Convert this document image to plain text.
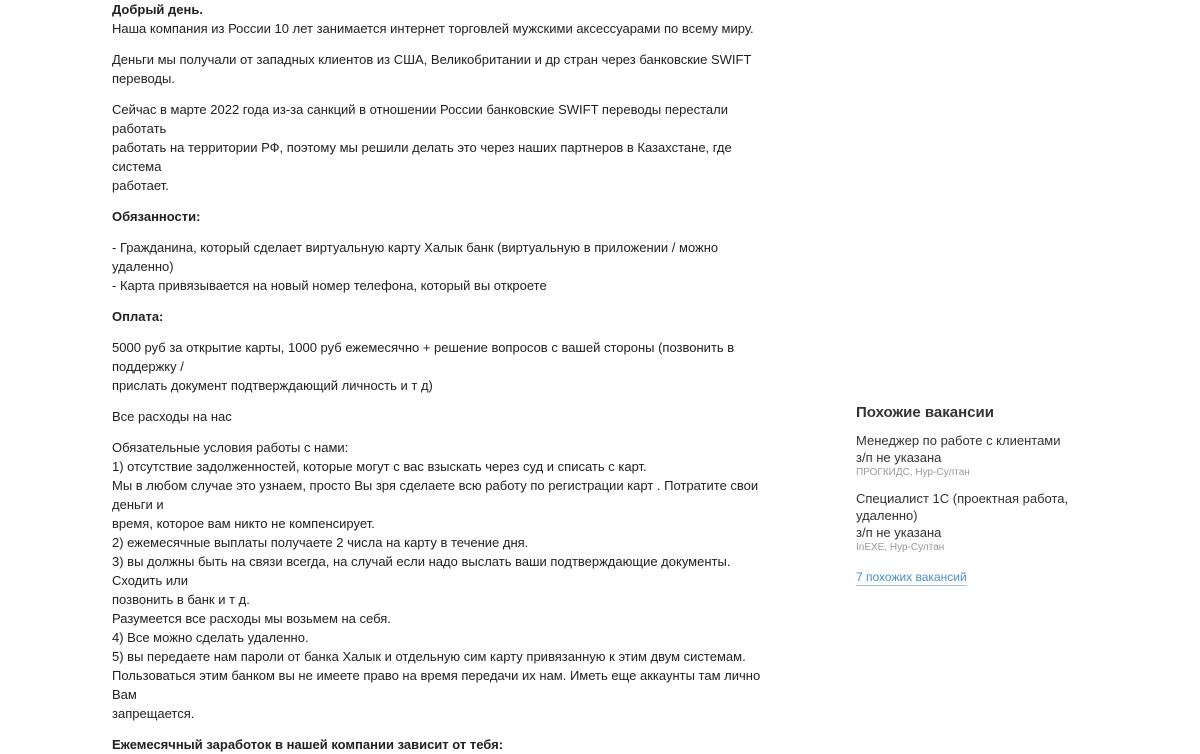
Добрый день.

Наша компания из России 10 лет занимается интернет торговлей мужскими аксессуарами по всему миру.

Деньги мы получали от западных клиентов из США, Великобритании и др стран через банковские SWIFT переводы.

Сейчас в марте 2022 года из-за санкций в отношении России банковские SWIFT переводы перестали работать

работать на территории РФ, поэтому мы решили делать это через наших партнеров в Казахстане, где система

работает.

Обязанности:

- Гражданина, который сделает виртуальную карту Халык банк (виртуальную в приложении / можно удаленно)

- Карта привязывается на новый номер телефона, который вы откроете

Оплата:

5000 руб за открытие карты, 1000 руб ежемесячно + решение вопросов с вашей стороны (позвонить в поддержку /

прислать документ подтверждающий личность и т д)

Все расходы на нас

Обязательные условия работы с нами:

1) отсутствие задолженностей, которые могут с вас взыскать через суд и списать с карт.

Мы в любом случае это узнаем, просто Вы зря сделаете всю работу по регистрации карт . Потратите свои деньги и

время, которое вам никто не компенсирует.

2) ежемесячные выплаты получаете 2 числа на карту в течение дня.

3) вы должны быть на связи всегда, на случай если надо выслать ваши подтверждающие документы. Сходить или

позвонить в банк и т д.

Разумеется все расходы мы возьмем на себя.

4) Все можно сделать удаленно.

5) вы передаете нам пароли от банка Халык и отдельную сим карту привязанную к этим двум системам.

Пользоваться этим банком вы не имеете право на время передачи их нам. Иметь еще аккаунты там лично Вам

запрещается.

Ежемесячный заработок в нашей компании зависит от тебя:

Похожие вакансии
Менеджер по работе с клиентами
з/п не указана
ПРОГКИДС, Нур-Султан
Специалист 1С (проектная работа, удаленно)
з/п не указана
InEXE, Нур-Султан
7 похожих вакансий
